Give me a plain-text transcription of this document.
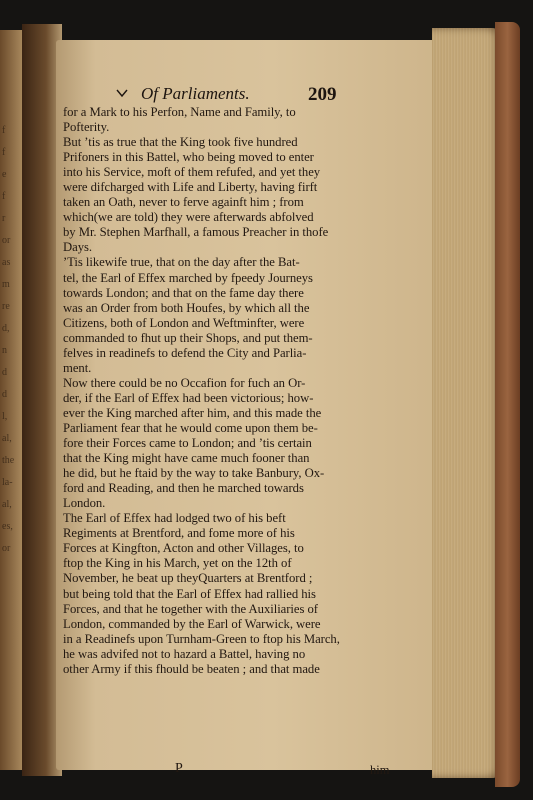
f
f
e
f
r
or
as
m
re
d,
n
d
d
l,
al,
the
la-
al,
es,
or
Of Parliaments.	209
for a Mark to his Perfon, Name and Family, to
Pofterity.
But ’tis as true that the King took five hundred
Prifoners in this Battel, who being moved to enter
into his Service, moft of them refufed, and yet they
were difcharged with Life and Liberty, having firft
taken an Oath, never to ferve againft him ; from
which(we are told) they were afterwards abfolved
by Mr. Stephen Marfhall, a famous Preacher in thofe
Days.
’Tis likewife true, that on the day after the Bat-
tel, the Earl of Effex marched by fpeedy Journeys
towards London; and that on the fame day there
was an Order from both Houfes, by which all the
Citizens, both of London and Weftminfter, were
commanded to fhut up their Shops, and put them-
felves in readinefs to defend the City and Parlia-
ment.
Now there could be no Occafion for fuch an Or-
der, if the Earl of Effex had been victorious; how-
ever the King marched after him, and this made the
Parliament fear that he would come upon them be-
fore their Forces came to London; and ’tis certain
that the King might have came much fooner than
he did, but he ftaid by the way to take Banbury, Ox-
ford and Reading, and then he marched towards
London.
The Earl of Effex had lodged two of his beft
Regiments at Brentford, and fome more of his
Forces at Kingfton, Acton and other Villages, to
ftop the King in his March, yet on the 12th of
November, he beat up theyQuarters at Brentford ;
but being told that the Earl of Effex had rallied his
Forces, and that he together with the Auxiliaries of
London, commanded by the Earl of Warwick, were
in a Readinefs upon Turnham-Green to ftop his March,
he was advifed not to hazard a Battel, having no
other Army if this fhould be beaten ; and that made
P	him
